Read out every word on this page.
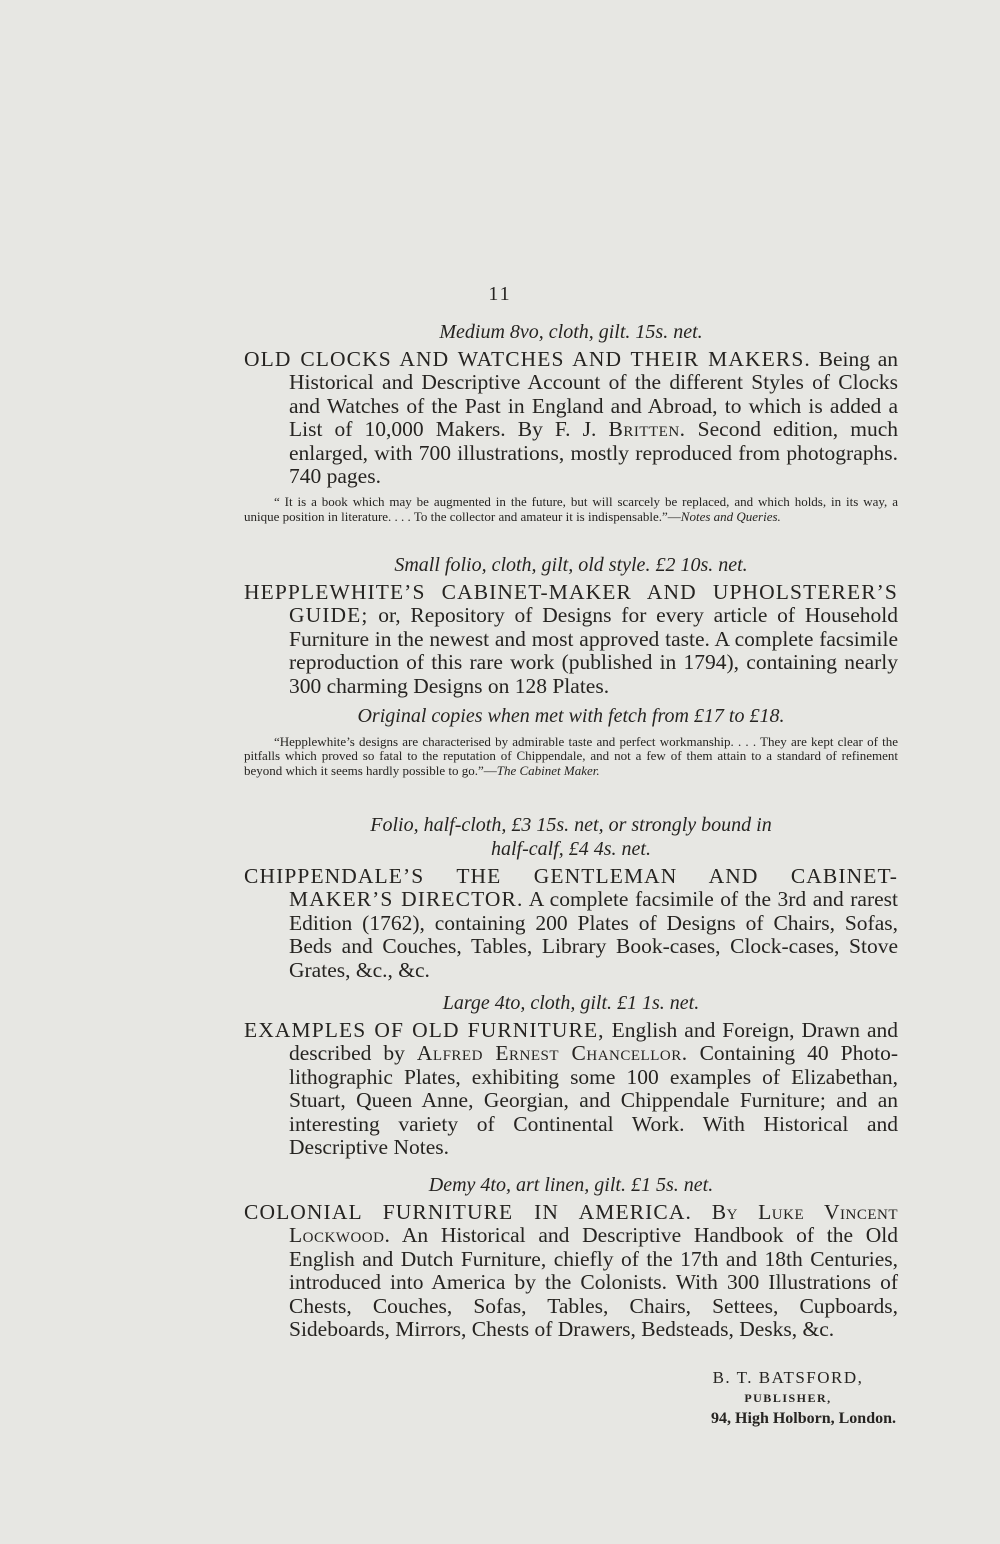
11

Medium 8vo, cloth, gilt. 15s. net.

OLD CLOCKS AND WATCHES AND THEIR MAKERS. Being an Historical and Descriptive Account of the different Styles of Clocks and Watches of the Past in England and Abroad, to which is added a List of 10,000 Makers. By F. J. Britten. Second edition, much enlarged, with 700 illustrations, mostly reproduced from photographs. 740 pages.

“ It is a book which may be augmented in the future, but will scarcely be replaced, and which holds, in its way, a unique position in literature. . . . To the collector and amateur it is indispensable.”—Notes and Queries.

Small folio, cloth, gilt, old style. £2 10s. net.

HEPPLEWHITE’S CABINET-MAKER AND UPHOLSTERER’S GUIDE; or, Repository of Designs for every article of Household Furniture in the newest and most approved taste. A complete facsimile reproduction of this rare work (published in 1794), containing nearly 300 charming Designs on 128 Plates.

Original copies when met with fetch from £17 to £18.

“Hepplewhite’s designs are characterised by admirable taste and perfect workmanship. . . . They are kept clear of the pitfalls which proved so fatal to the reputation of Chippendale, and not a few of them attain to a standard of refinement beyond which it seems hardly possible to go.”—The Cabinet Maker.

Folio, half-cloth, £3 15s. net, or strongly bound in

half-calf, £4 4s. net.

CHIPPENDALE’S THE GENTLEMAN AND CABINET-MAKER’S DIRECTOR. A complete facsimile of the 3rd and rarest Edition (1762), containing 200 Plates of Designs of Chairs, Sofas, Beds and Couches, Tables, Library Book-cases, Clock-cases, Stove Grates, &c., &c.

Large 4to, cloth, gilt. £1 1s. net.

EXAMPLES OF OLD FURNITURE, English and Foreign, Drawn and described by Alfred Ernest Chancellor. Containing 40 Photo-lithographic Plates, exhibiting some 100 examples of Elizabethan, Stuart, Queen Anne, Georgian, and Chippendale Furniture; and an interesting variety of Continental Work. With Historical and Descriptive Notes.

Demy 4to, art linen, gilt. £1 5s. net.

COLONIAL FURNITURE IN AMERICA. By Luke Vincent Lockwood. An Historical and Descriptive Handbook of the Old English and Dutch Furniture, chiefly of the 17th and 18th Centuries, introduced into America by the Colonists. With 300 Illustrations of Chests, Couches, Sofas, Tables, Chairs, Settees, Cupboards, Sideboards, Mirrors, Chests of Drawers, Bedsteads, Desks, &c.

B. T. BATSFORD,
PUBLISHER,
94, High Holborn, London.
